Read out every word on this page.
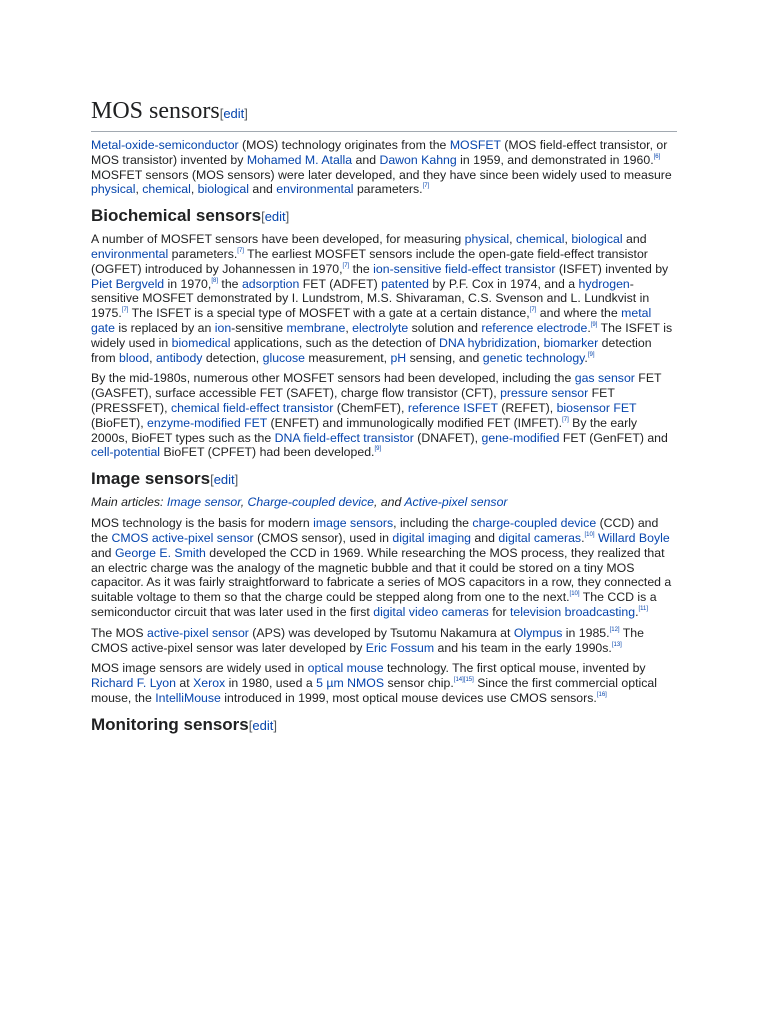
MOS sensors[edit]

Metal-oxide-semiconductor (MOS) technology originates from the MOSFET (MOS field-effect transistor, or MOS transistor) invented by Mohamed M. Atalla and Dawon Kahng in 1959, and demonstrated in 1960.[6] MOSFET sensors (MOS sensors) were later developed, and they have since been widely used to measure physical, chemical, biological and environmental parameters.[7]

Biochemical sensors[edit]

A number of MOSFET sensors have been developed, for measuring physical, chemical, biological and environmental parameters.[7] The earliest MOSFET sensors include the open-gate field-effect transistor (OGFET) introduced by Johannessen in 1970,[7] the ion-sensitive field-effect transistor (ISFET) invented by Piet Bergveld in 1970,[8] the adsorption FET (ADFET) patented by P.F. Cox in 1974, and a hydrogen-sensitive MOSFET demonstrated by I. Lundstrom, M.S. Shivaraman, C.S. Svenson and L. Lundkvist in 1975.[7] The ISFET is a special type of MOSFET with a gate at a certain distance,[7] and where the metal gate is replaced by an ion-sensitive membrane, electrolyte solution and reference electrode.[9] The ISFET is widely used in biomedical applications, such as the detection of DNA hybridization, biomarker detection from blood, antibody detection, glucose measurement, pH sensing, and genetic technology.[9]

By the mid-1980s, numerous other MOSFET sensors had been developed, including the gas sensor FET (GASFET), surface accessible FET (SAFET), charge flow transistor (CFT), pressure sensor FET (PRESSFET), chemical field-effect transistor (ChemFET), reference ISFET (REFET), biosensor FET (BioFET), enzyme-modified FET (ENFET) and immunologically modified FET (IMFET).[7] By the early 2000s, BioFET types such as the DNA field-effect transistor (DNAFET), gene-modified FET (GenFET) and cell-potential BioFET (CPFET) had been developed.[9]

Image sensors[edit]
Main articles: Image sensor, Charge-coupled device, and Active-pixel sensor

MOS technology is the basis for modern image sensors, including the charge-coupled device (CCD) and the CMOS active-pixel sensor (CMOS sensor), used in digital imaging and digital cameras.[10] Willard Boyle and George E. Smith developed the CCD in 1969. While researching the MOS process, they realized that an electric charge was the analogy of the magnetic bubble and that it could be stored on a tiny MOS capacitor. As it was fairly straightforward to fabricate a series of MOS capacitors in a row, they connected a suitable voltage to them so that the charge could be stepped along from one to the next.[10] The CCD is a semiconductor circuit that was later used in the first digital video cameras for television broadcasting.[11]

The MOS active-pixel sensor (APS) was developed by Tsutomu Nakamura at Olympus in 1985.[12] The CMOS active-pixel sensor was later developed by Eric Fossum and his team in the early 1990s.[13]

MOS image sensors are widely used in optical mouse technology. The first optical mouse, invented by Richard F. Lyon at Xerox in 1980, used a 5 µm NMOS sensor chip.[14][15] Since the first commercial optical mouse, the IntelliMouse introduced in 1999, most optical mouse devices use CMOS sensors.[16]

Monitoring sensors[edit]
